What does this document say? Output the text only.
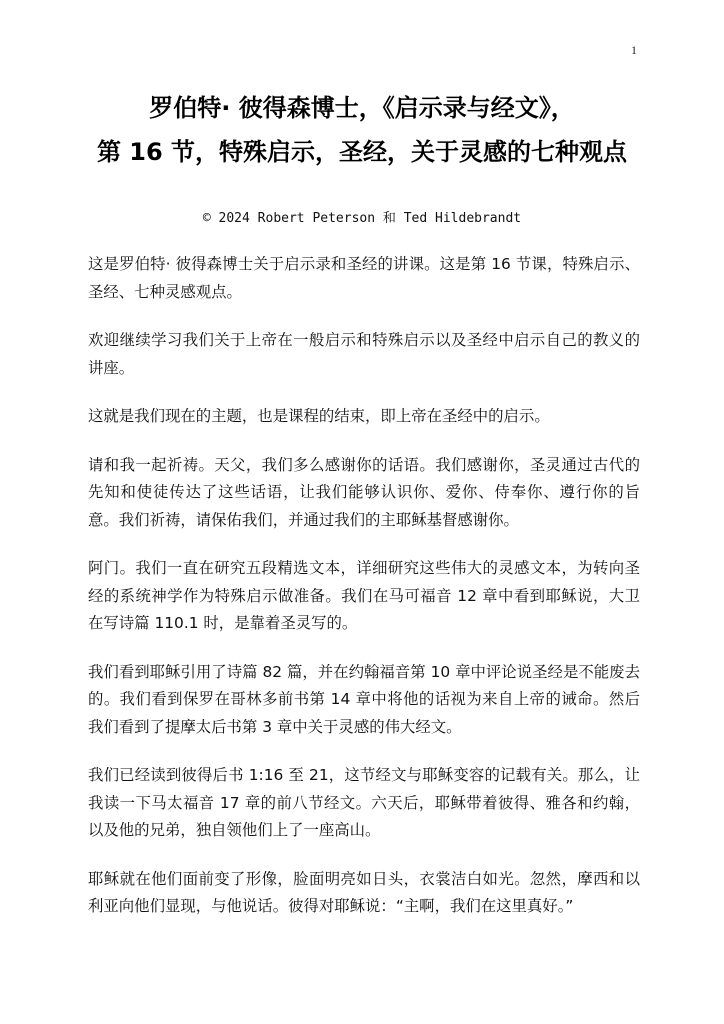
1
罗伯特· 彼得森博士，《启示录与经文》，
第 16 节，特殊启示，圣经，关于灵感的七种观点
© 2024 Robert Peterson 和 Ted Hildebrandt

这是罗伯特· 彼得森博士关于启示录和圣经的讲课。这是第 16 节课，特殊启示、圣经、七种灵感观点。

欢迎继续学习我们关于上帝在一般启示和特殊启示以及圣经中启示自己的教义的讲座。

这就是我们现在的主题，也是课程的结束，即上帝在圣经中的启示。

请和我一起祈祷。天父，我们多么感谢你的话语。我们感谢你，圣灵通过古代的先知和使徒传达了这些话语，让我们能够认识你、爱你、侍奉你、遵行你的旨意。我们祈祷，请保佑我们，并通过我们的主耶稣基督感谢你。

阿门。我们一直在研究五段精选文本，详细研究这些伟大的灵感文本，为转向圣经的系统神学作为特殊启示做准备。我们在马可福音 12 章中看到耶稣说，大卫在写诗篇 110.1 时，是靠着圣灵写的。

我们看到耶稣引用了诗篇 82 篇，并在约翰福音第 10 章中评论说圣经是不能废去的。我们看到保罗在哥林多前书第 14 章中将他的话视为来自上帝的诫命。然后我们看到了提摩太后书第 3 章中关于灵感的伟大经文。

我们已经读到彼得后书 1:16 至 21，这节经文与耶稣变容的记载有关。那么，让我读一下马太福音 17 章的前八节经文。六天后，耶稣带着彼得、雅各和约翰，以及他的兄弟，独自领他们上了一座高山。

耶稣就在他们面前变了形像，脸面明亮如日头，衣裳洁白如光。忽然，摩西和以利亚向他们显现，与他说话。彼得对耶稣说：“主啊，我们在这里真好。”
